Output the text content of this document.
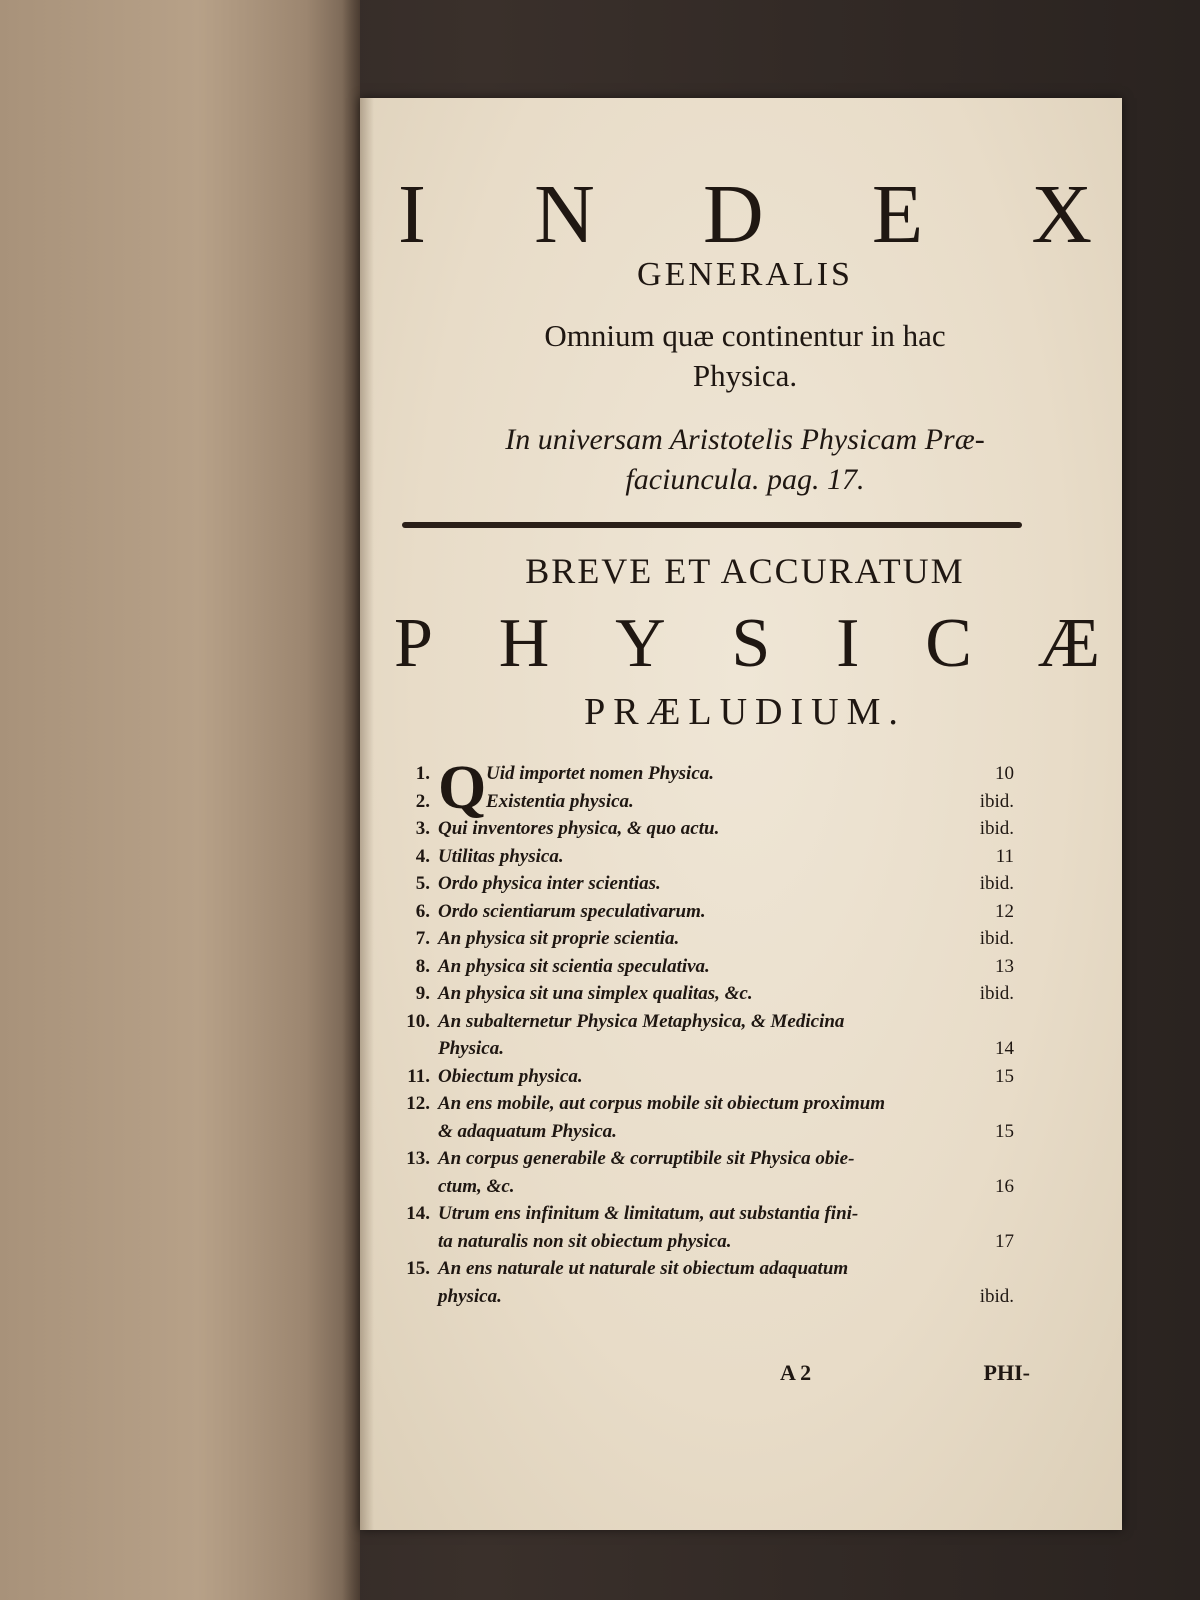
I N D E X
GENERALIS
Omnium quæ continentur in hac
Physica.
In universam Aristotelis Physicam Præ-
faciuncula. pag. 17.
BREVE ET ACCURATUM
P H Y S I C Æ
PRÆLUDIUM.
Q
1.	Uid importet nomen Physica.	10
2.	Existentia physica.	ibid.
3. Qui inventores physica, & quo actu.	ibid.
4. Utilitas physica.	11
5. Ordo physica inter scientias.	ibid.
6. Ordo scientiarum speculativarum.	12
7. An physica sit proprie scientia.	ibid.
8. An physica sit scientia speculativa.	13
9. An physica sit una simplex qualitas, &c.	ibid.
10. An subalternetur Physica Metaphysica, & Medicina
Physica.	14
11. Obiectum physica.	15
12. An ens mobile, aut corpus mobile sit obiectum proximum
& adaquatum Physica.	15
13. An corpus generabile & corruptibile sit Physica obie-
ctum, &c.	16
14. Utrum ens infinitum & limitatum, aut substantia fini-
ta naturalis non sit obiectum physica.	17
15. An ens naturale ut naturale sit obiectum adaquatum
physica.	ibid.
A 2	PHI-
